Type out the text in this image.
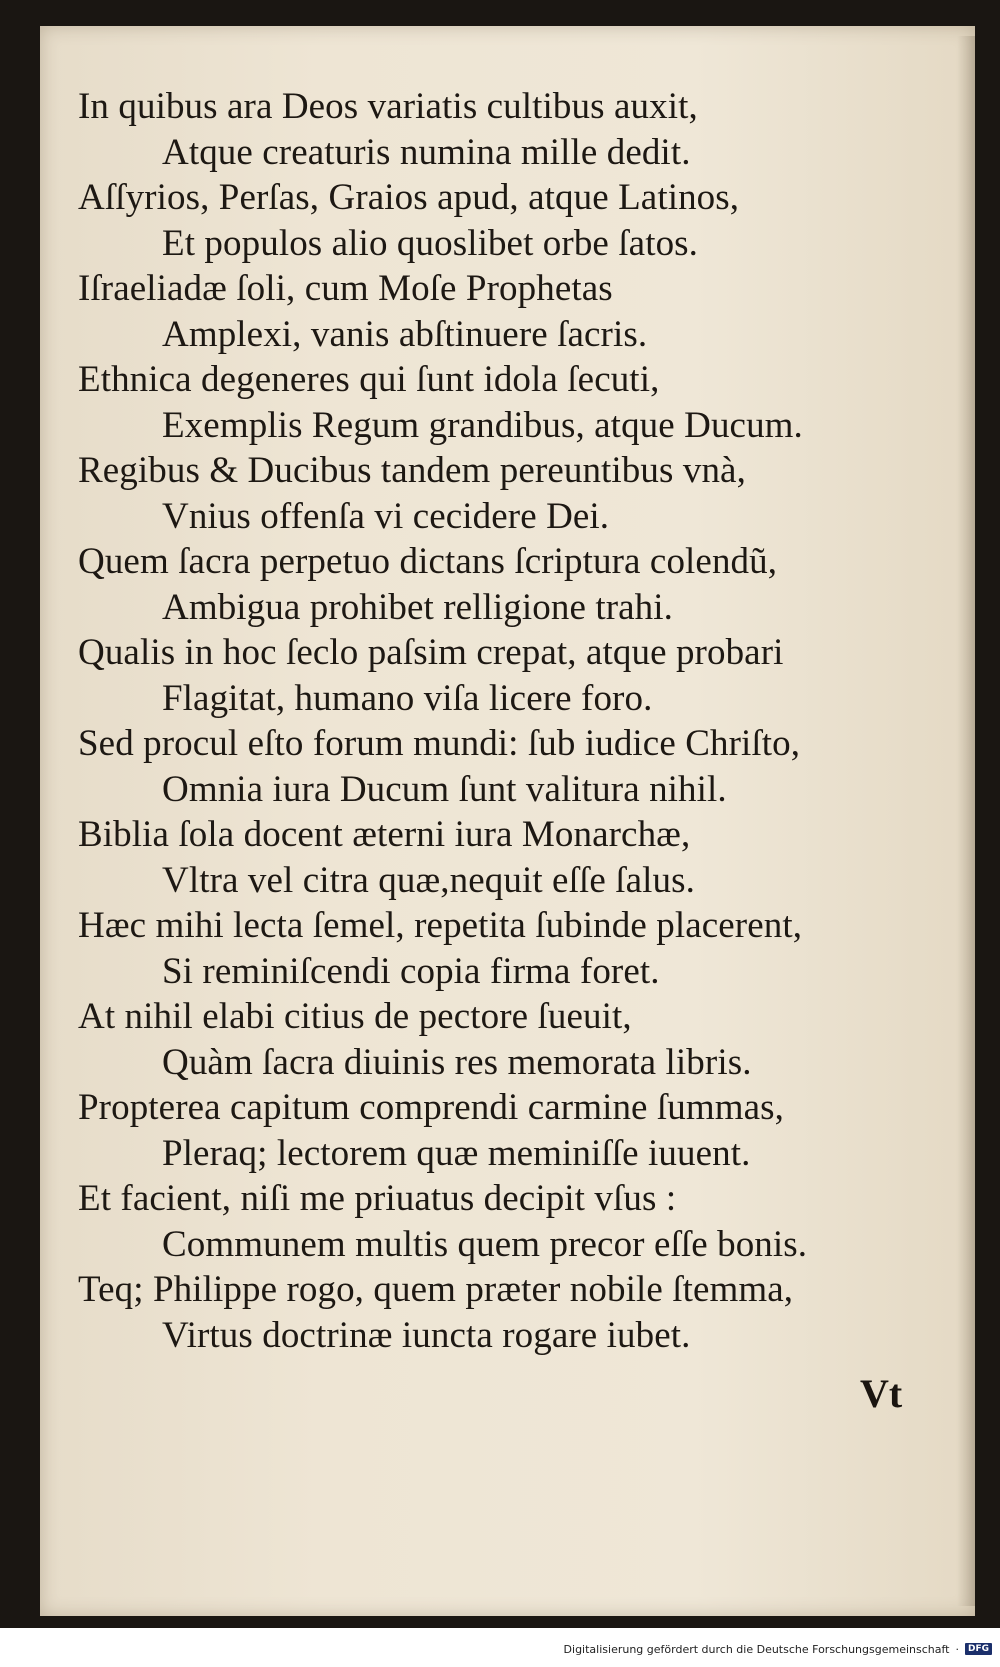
In quibus ara Deos variatis cultibus auxit,
Atque creaturis numina mille dedit.
Aſſyrios, Perſas, Graios apud, atque Latinos,
Et populos alio quoslibet orbe ſatos.
Iſraeliadæ ſoli, cum Moſe Prophetas
Amplexi, vanis abſtinuere ſacris.
Ethnica degeneres qui ſunt idola ſecuti,
Exemplis Regum grandibus, atque Ducum.
Regibus & Ducibus tandem pereuntibus vnà,
Vnius offenſa vi cecidere Dei.
Quem ſacra perpetuo dictans ſcriptura colendũ,
Ambigua prohibet relligione trahi.
Qualis in hoc ſeclo paſsim crepat, atque probari
Flagitat, humano viſa licere foro.
Sed procul eſto forum mundi: ſub iudice Chriſto,
Omnia iura Ducum ſunt valitura nihil.
Biblia ſola docent æterni iura Monarchæ,
Vltra vel citra quæ,nequit eſſe ſalus.
Hæc mihi lecta ſemel, repetita ſubinde placerent,
Si reminiſcendi copia firma foret.
At nihil elabi citius de pectore ſueuit,
Quàm ſacra diuinis res memorata libris.
Propterea capitum comprendi carmine ſummas,
Pleraq; lectorem quæ meminiſſe iuuent.
Et facient, niſi me priuatus decipit vſus :
Communem multis quem precor eſſe bonis.
Teq; Philippe rogo, quem præter nobile ſtemma,
Virtus doctrinæ iuncta rogare iubet.
Vt
Digitalisierung gefördert durch die Deutsche Forschungsgemeinschaft ·	DFG
